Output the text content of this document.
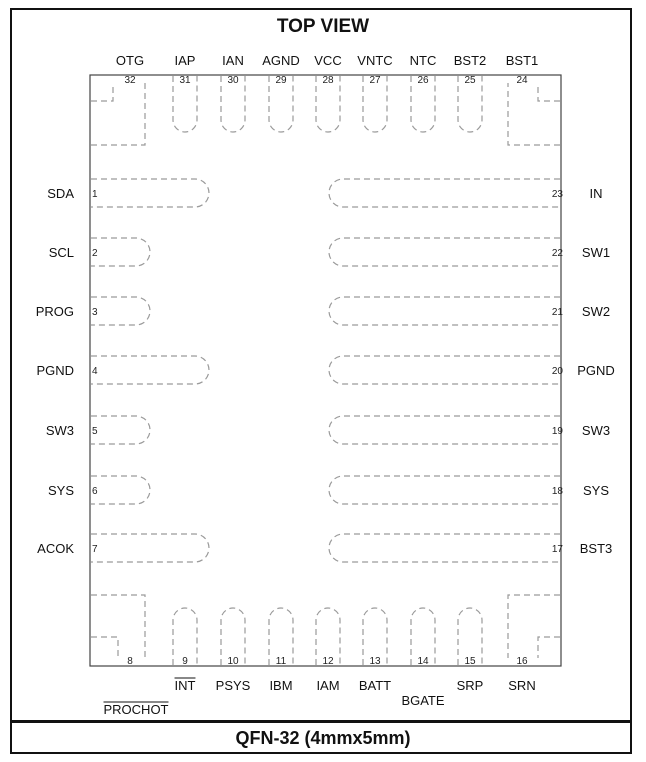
TOP VIEW
QFN-32 (4mmx5mm)
1
SDA
2
SCL
3
PROG
4
PGND
5
SW3
6
SYS
7
ACOK
8
PROCHOT
9
INT
10
PSYS
11
IBM
12
IAM
13
BATT
14
BGATE
15
SRP
16
SRN
17 BST3
18 SYS
19 SW3
20 PGND
21 SW2
22 SW1
23 IN
24
BST1
25
BST2
26
NTC
27
VNTC
28
VCC
29
AGND
30
IAN
31
IAP
32
OTG
